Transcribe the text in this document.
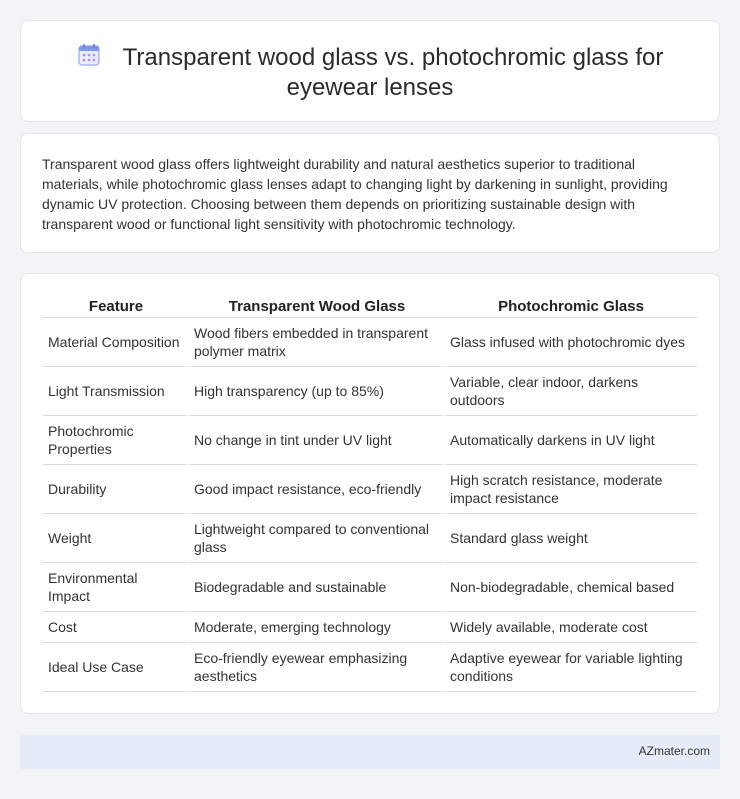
Transparent wood glass vs. photochromic glass for eyewear lenses

Transparent wood glass offers lightweight durability and natural aesthetics superior to traditional materials, while photochromic glass lenses adapt to changing light by darkening in sunlight, providing dynamic UV protection. Choosing between them depends on prioritizing sustainable design with transparent wood or functional light sensitivity with photochromic technology.

Feature	Transparent Wood Glass	Photochromic Glass
Material Composition	Wood fibers embedded in transparent polymer matrix	Glass infused with photochromic dyes
Light Transmission	High transparency (up to 85%)	Variable, clear indoor, darkens outdoors
Photochromic Properties	No change in tint under UV light	Automatically darkens in UV light
Durability	Good impact resistance, eco-friendly	High scratch resistance, moderate impact resistance
Weight	Lightweight compared to conventional glass	Standard glass weight
Environmental Impact	Biodegradable and sustainable	Non-biodegradable, chemical based
Cost	Moderate, emerging technology	Widely available, moderate cost
Ideal Use Case	Eco-friendly eyewear emphasizing aesthetics	Adaptive eyewear for variable lighting conditions
AZmater.com
